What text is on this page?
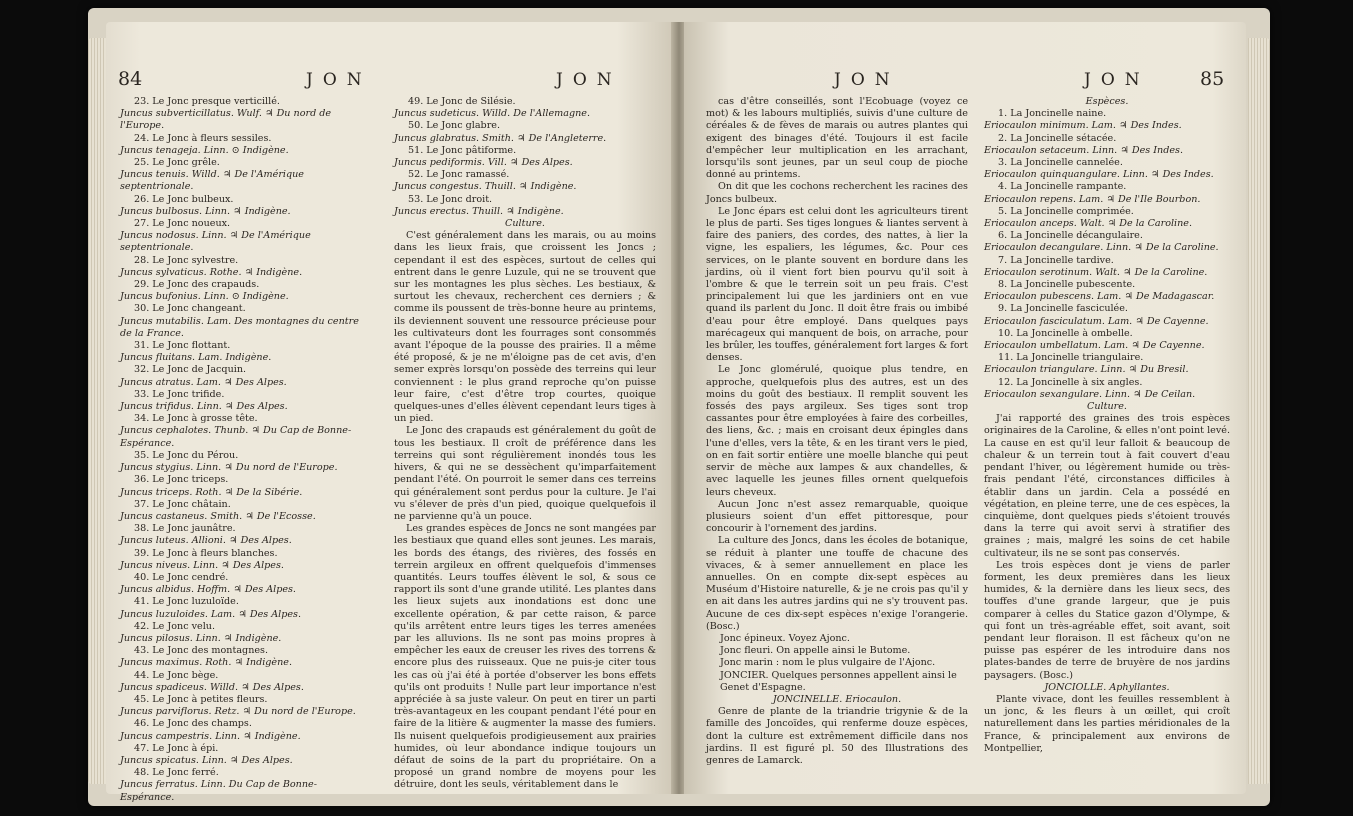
84	JON	JON

23. Le Jonc presque verticillé.

Juncus subverticillatus. Wulf. ♃ Du nord de l'Europe.

24. Le Jonc à fleurs sessiles.

Juncus tenageja. Linn. ⊙ Indigène.

25. Le Jonc grêle.

Juncus tenuis. Willd. ♃ De l'Amérique septentrionale.

26. Le Jonc bulbeux.

Juncus bulbosus. Linn. ♃ Indigène.

27. Le Jonc noueux.

Juncus nodosus. Linn. ♃ De l'Amérique septentrionale.

28. Le Jonc sylvestre.

Juncus sylvaticus. Rothe. ♃ Indigène.

29. Le Jonc des crapauds.

Juncus bufonius. Linn. ⊙ Indigène.

30. Le Jonc changeant.

Juncus mutabilis. Lam. Des montagnes du centre de la France.

31. Le Jonc flottant.

Juncus fluitans. Lam. Indigène.

32. Le Jonc de Jacquin.

Juncus atratus. Lam. ♃ Des Alpes.

33. Le Jonc trifide.

Juncus trifidus. Linn. ♃ Des Alpes.

34. Le Jonc à grosse tête.

Juncus cephalotes. Thunb. ♃ Du Cap de Bonne-Espérance.

35. Le Jonc du Pérou.

Juncus stygius. Linn. ♃ Du nord de l'Europe.

36. Le Jonc triceps.

Juncus triceps. Roth. ♃ De la Sibérie.

37. Le Jonc châtain.

Juncus castaneus. Smith. ♃ De l'Ecosse.

38. Le Jonc jaunâtre.

Juncus luteus. Allioni. ♃ Des Alpes.

39. Le Jonc à fleurs blanches.

Juncus niveus. Linn. ♃ Des Alpes.

40. Le Jonc cendré.

Juncus albidus. Hoffm. ♃ Des Alpes.

41. Le Jonc luzuloïde.

Juncus luzuloides. Lam. ♃ Des Alpes.

42. Le Jonc velu.

Juncus pilosus. Linn. ♃ Indigène.

43. Le Jonc des montagnes.

Juncus maximus. Roth. ♃ Indigène.

44. Le Jonc bège.

Juncus spadiceus. Willd. ♃ Des Alpes.

45. Le Jonc à petites fleurs.

Juncus parviflorus. Retz. ♃ Du nord de l'Europe.

46. Le Jonc des champs.

Juncus campestris. Linn. ♃ Indigène.

47. Le Jonc à épi.

Juncus spicatus. Linn. ♃ Des Alpes.

48. Le Jonc ferré.

Juncus ferratus. Linn. Du Cap de Bonne-Espérance.

49. Le Jonc de Silésie.

Juncus sudeticus. Willd. De l'Allemagne.

50. Le Jonc glabre.

Juncus glabratus. Smith. ♃ De l'Angleterre.

51. Le Jonc pâtiforme.

Juncus pediformis. Vill. ♃ Des Alpes.

52. Le Jonc ramassé.

Juncus congestus. Thuill. ♃ Indigène.

53. Le Jonc droit.

Juncus erectus. Thuill. ♃ Indigène.

Culture.

C'est généralement dans les marais, ou au moins dans les lieux frais, que croissent les Joncs ; cependant il est des espèces, surtout de celles qui entrent dans le genre Luzule, qui ne se trouvent que sur les montagnes les plus sèches. Les bestiaux, & surtout les chevaux, recherchent ces derniers ; & comme ils poussent de très-bonne heure au printems, ils deviennent souvent une ressource précieuse pour les cultivateurs dont les fourrages sont consommés avant l'époque de la pousse des prairies. Il a même été proposé, & je ne m'éloigne pas de cet avis, d'en semer exprès lorsqu'on possède des terreins qui leur conviennent : le plus grand reproche qu'on puisse leur faire, c'est d'être trop courtes, quoique quelques-unes d'elles élèvent cependant leurs tiges à un pied.

Le Jonc des crapauds est généralement du goût de tous les bestiaux. Il croît de préférence dans les terreins qui sont régulièrement inondés tous les hivers, & qui ne se dessèchent qu'imparfaitement pendant l'été. On pourroit le semer dans ces terreins qui généralement sont perdus pour la culture. Je l'ai vu s'élever de près d'un pied, quoique quelquefois il ne parvienne qu'à un pouce.

Les grandes espèces de Joncs ne sont mangées par les bestiaux que quand elles sont jeunes. Les marais, les bords des étangs, des rivières, des fossés en terrein argileux en offrent quelquefois d'immenses quantités. Leurs touffes élèvent le sol, & sous ce rapport ils sont d'une grande utilité. Les plantes dans les lieux sujets aux inondations est donc une excellente opération, & par cette raison, & parce qu'ils arrêtent entre leurs tiges les terres amenées par les alluvions. Ils ne sont pas moins propres à empêcher les eaux de creuser les rives des torrens & encore plus des ruisseaux. Que ne puis-je citer tous les cas où j'ai été à portée d'observer les bons effets qu'ils ont produits ! Nulle part leur importance n'est appréciée à sa juste valeur. On peut en tirer un parti très-avantageux en les coupant pendant l'été pour en faire de la litière & augmenter la masse des fumiers. Ils nuisent quelquefois prodigieusement aux prairies humides, où leur abondance indique toujours un défaut de soins de la part du propriétaire. On a proposé un grand nombre de moyens pour les détruire, dont les seuls, véritablement dans le

JON	JON	85

cas d'être conseillés, sont l'Ecobuage (voyez ce mot) & les labours multipliés, suivis d'une culture de céréales & de fèves de marais ou autres plantes qui exigent des binages d'été. Toujours il est facile d'empêcher leur multiplication en les arrachant, lorsqu'ils sont jeunes, par un seul coup de pioche donné au printems.

On dit que les cochons recherchent les racines des Joncs bulbeux.

Le Jonc épars est celui dont les agriculteurs tirent le plus de parti. Ses tiges longues & liantes servent à faire des paniers, des cordes, des nattes, à lier la vigne, les espaliers, les légumes, &c. Pour ces services, on le plante souvent en bordure dans les jardins, où il vient fort bien pourvu qu'il soit à l'ombre & que le terrein soit un peu frais. C'est principalement lui que les jardiniers ont en vue quand ils parlent du Jonc. Il doit être frais ou imbibé d'eau pour être employé. Dans quelques pays marécageux qui manquent de bois, on arrache, pour les brûler, les touffes, généralement fort larges & fort denses.

Le Jonc glomérulé, quoique plus tendre, en approche, quelquefois plus des autres, est un des moins du goût des bestiaux. Il remplit souvent les fossés des pays argileux. Ses tiges sont trop cassantes pour être employées à faire des corbeilles, des liens, &c. ; mais en croisant deux épingles dans l'une d'elles, vers la tête, & en les tirant vers le pied, on en fait sortir entière une moelle blanche qui peut servir de mèche aux lampes & aux chandelles, & avec laquelle les jeunes filles ornent quelquefois leurs cheveux.

Aucun Jonc n'est assez remarquable, quoique plusieurs soient d'un effet pittoresque, pour concourir à l'ornement des jardins.

La culture des Joncs, dans les écoles de botanique, se réduit à planter une touffe de chacune des vivaces, & à semer annuellement en place les annuelles. On en compte dix-sept espèces au Muséum d'Histoire naturelle, & je ne crois pas qu'il y en ait dans les autres jardins qui ne s'y trouvent pas. Aucune de ces dix-sept espèces n'exige l'orangerie. (Bosc.)

Jonc épineux. Voyez Ajonc.

Jonc fleuri. On appelle ainsi le Butome.

Jonc marin : nom le plus vulgaire de l'Ajonc.

JONCIER. Quelques personnes appellent ainsi le Genet d'Espagne.

JONCINELLE. Eriocaulon.

Genre de plante de la triandrie trigynie & de la famille des Joncoïdes, qui renferme douze espèces, dont la culture est extrêmement difficile dans nos jardins. Il est figuré pl. 50 des Illustrations des genres de Lamarck.

Espèces.

1. La Joncinelle naine.

Eriocaulon minimum. Lam. ♃ Des Indes.

2. La Joncinelle sétacée.

Eriocaulon setaceum. Linn. ♃ Des Indes.

3. La Joncinelle cannelée.

Eriocaulon quinquangulare. Linn. ♃ Des Indes.

4. La Joncinelle rampante.

Eriocaulon repens. Lam. ♃ De l'Ile Bourbon.

5. La Joncinelle comprimée.

Eriocaulon anceps. Walt. ♃ De la Caroline.

6. La Joncinelle décangulaire.

Eriocaulon decangulare. Linn. ♃ De la Caroline.

7. La Joncinelle tardive.

Eriocaulon serotinum. Walt. ♃ De la Caroline.

8. La Joncinelle pubescente.

Eriocaulon pubescens. Lam. ♃ De Madagascar.

9. La Joncinelle fasciculée.

Eriocaulon fasciculatum. Lam. ♃ De Cayenne.

10. La Joncinelle à ombelle.

Eriocaulon umbellatum. Lam. ♃ De Cayenne.

11. La Joncinelle triangulaire.

Eriocaulon triangulare. Linn. ♃ Du Bresil.

12. La Joncinelle à six angles.

Eriocaulon sexangulare. Linn. ♃ De Ceilan.

Culture.

J'ai rapporté des graines des trois espèces originaires de la Caroline, & elles n'ont point levé. La cause en est qu'il leur falloit & beaucoup de chaleur & un terrein tout à fait couvert d'eau pendant l'hiver, ou légèrement humide ou très-frais pendant l'été, circonstances difficiles à établir dans un jardin. Cela a possédé en végétation, en pleine terre, une de ces espèces, la cinquième, dont quelques pieds s'étoient trouvés dans la terre qui avoit servi à stratifier des graines ; mais, malgré les soins de cet habile cultivateur, ils ne se sont pas conservés.

Les trois espèces dont je viens de parler forment, les deux premières dans les lieux humides, & la dernière dans les lieux secs, des touffes d'une grande largeur, que je puis comparer à celles du Statice gazon d'Olympe, & qui font un très-agréable effet, soit avant, soit pendant leur floraison. Il est fâcheux qu'on ne puisse pas espérer de les introduire dans nos plates-bandes de terre de bruyère de nos jardins paysagers. (Bosc.)

JONCIOLLE. Aphyllantes.

Plante vivace, dont les feuilles ressemblent à un jonc, & les fleurs à un œillet, qui croît naturellement dans les parties méridionales de la France, & principalement aux environs de Montpellier,
